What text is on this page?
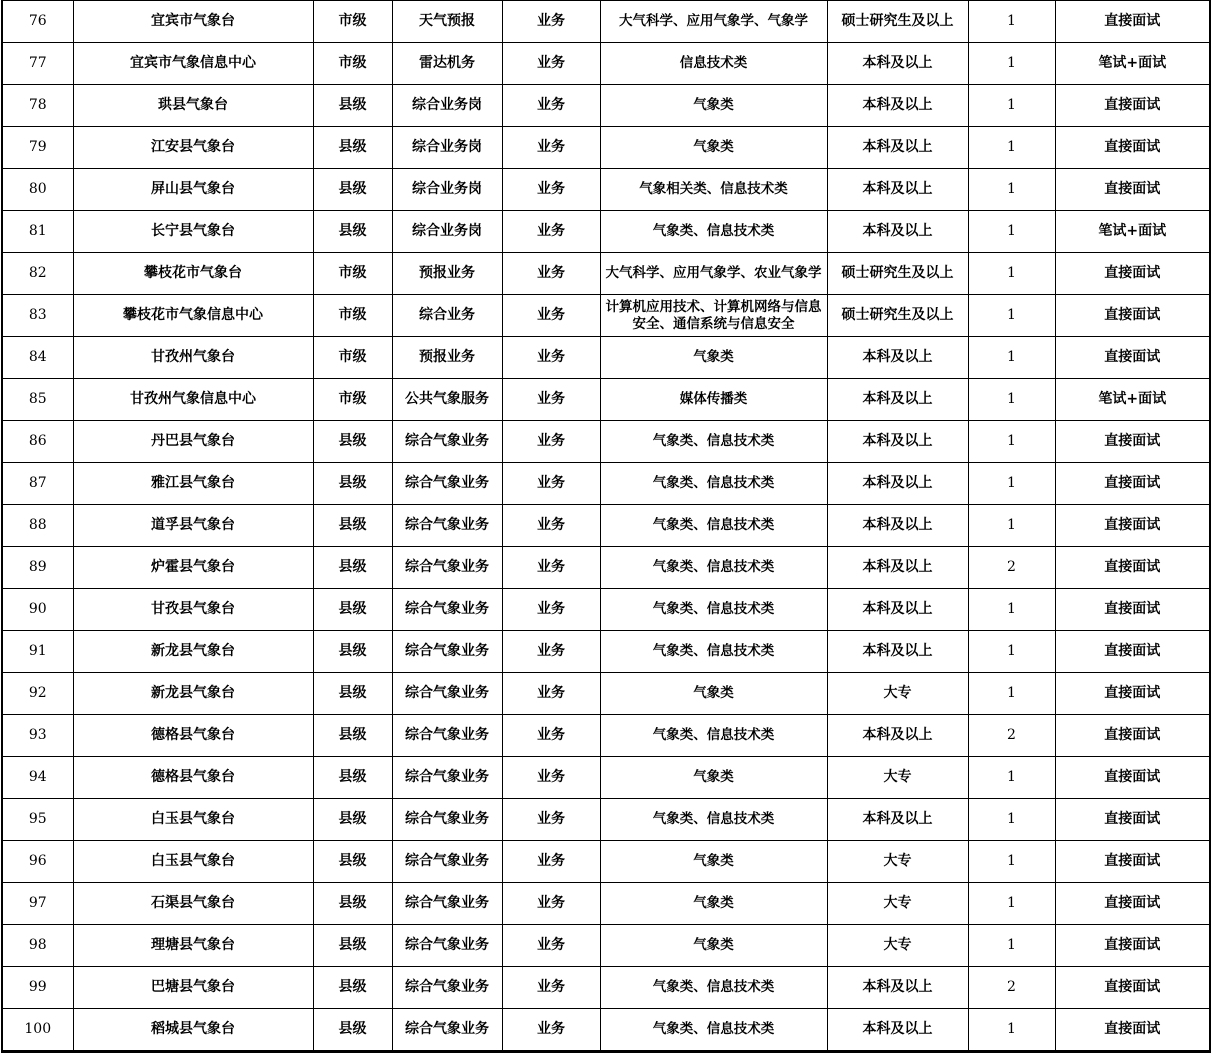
76	宜宾市气象台	市级	天气预报	业务	大气科学、应用气象学、气象学	硕士研究生及以上	1	直接面试
77	宜宾市气象信息中心	市级	雷达机务	业务	信息技术类	本科及以上	1	笔试+面试
78	珙县气象台	县级	综合业务岗	业务	气象类	本科及以上	1	直接面试
79	江安县气象台	县级	综合业务岗	业务	气象类	本科及以上	1	直接面试
80	屏山县气象台	县级	综合业务岗	业务	气象相关类、信息技术类	本科及以上	1	直接面试
81	长宁县气象台	县级	综合业务岗	业务	气象类、信息技术类	本科及以上	1	笔试+面试
82	攀枝花市气象台	市级	预报业务	业务	大气科学、应用气象学、农业气象学	硕士研究生及以上	1	直接面试
83	攀枝花市气象信息中心	市级	综合业务	业务	计算机应用技术、计算机网络与信息安全、通信系统与信息安全	硕士研究生及以上	1	直接面试
84	甘孜州气象台	市级	预报业务	业务	气象类	本科及以上	1	直接面试
85	甘孜州气象信息中心	市级	公共气象服务	业务	媒体传播类	本科及以上	1	笔试+面试
86	丹巴县气象台	县级	综合气象业务	业务	气象类、信息技术类	本科及以上	1	直接面试
87	雅江县气象台	县级	综合气象业务	业务	气象类、信息技术类	本科及以上	1	直接面试
88	道孚县气象台	县级	综合气象业务	业务	气象类、信息技术类	本科及以上	1	直接面试
89	炉霍县气象台	县级	综合气象业务	业务	气象类、信息技术类	本科及以上	2	直接面试
90	甘孜县气象台	县级	综合气象业务	业务	气象类、信息技术类	本科及以上	1	直接面试
91	新龙县气象台	县级	综合气象业务	业务	气象类、信息技术类	本科及以上	1	直接面试
92	新龙县气象台	县级	综合气象业务	业务	气象类	大专	1	直接面试
93	德格县气象台	县级	综合气象业务	业务	气象类、信息技术类	本科及以上	2	直接面试
94	德格县气象台	县级	综合气象业务	业务	气象类	大专	1	直接面试
95	白玉县气象台	县级	综合气象业务	业务	气象类、信息技术类	本科及以上	1	直接面试
96	白玉县气象台	县级	综合气象业务	业务	气象类	大专	1	直接面试
97	石渠县气象台	县级	综合气象业务	业务	气象类	大专	1	直接面试
98	理塘县气象台	县级	综合气象业务	业务	气象类	大专	1	直接面试
99	巴塘县气象台	县级	综合气象业务	业务	气象类、信息技术类	本科及以上	2	直接面试
100	稻城县气象台	县级	综合气象业务	业务	气象类、信息技术类	本科及以上	1	直接面试
